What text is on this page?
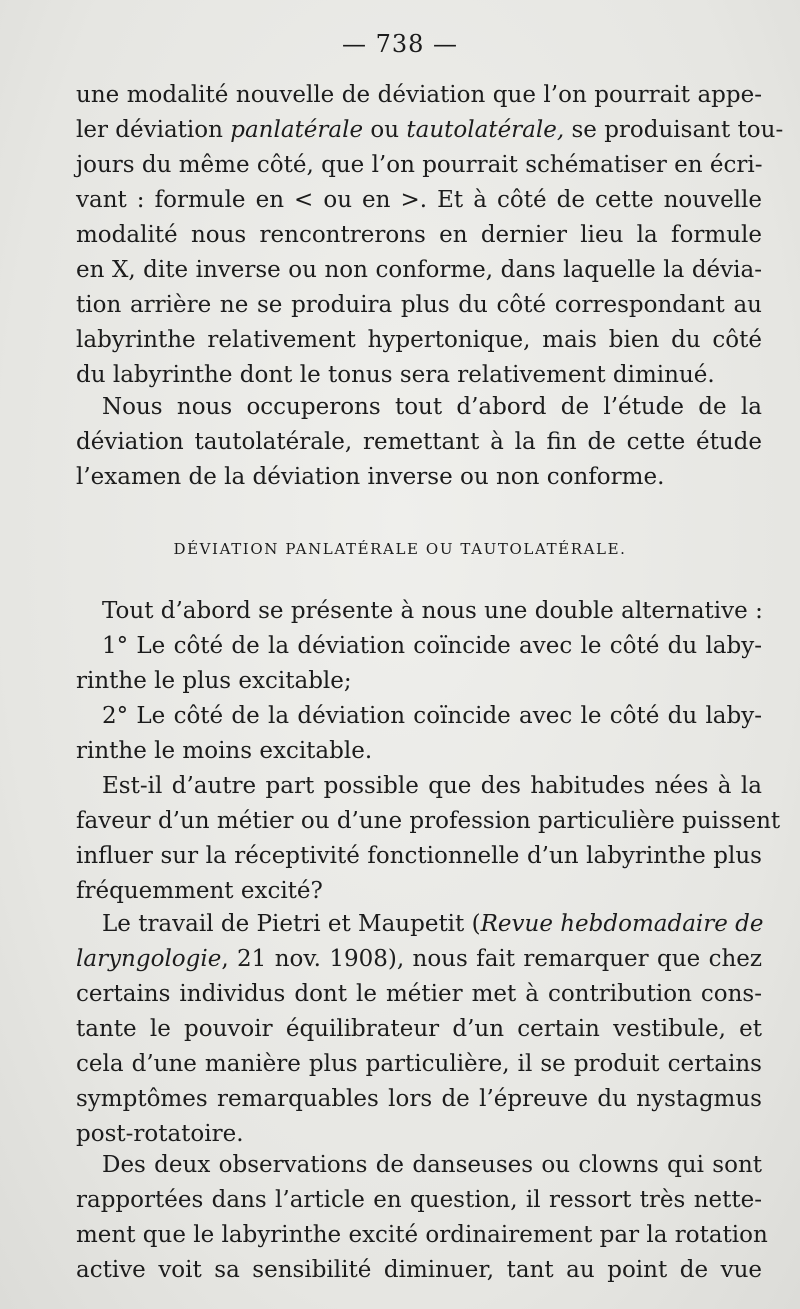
— 738 —
une modalité nouvelle de déviation que l’on pourrait appe-
ler déviation panlatérale ou tautolatérale, se produisant tou-
jours du même côté, que l’on pourrait schématiser en écri-
vant : formule en < ou en >. Et à côté de cette nouvelle
modalité nous rencontrerons en dernier lieu la formule
en X, dite inverse ou non conforme, dans laquelle la dévia-
tion arrière ne se produira plus du côté correspondant au
labyrinthe relativement hypertonique, mais bien du côté
du labyrinthe dont le tonus sera relativement diminué.
Nous nous occuperons tout d’abord de l’étude de la
déviation tautolatérale, remettant à la fin de cette étude
l’examen de la déviation inverse ou non conforme.
DÉVIATION PANLATÉRALE OU TAUTOLATÉRALE.
Tout d’abord se présente à nous une double alternative :
1° Le côté de la déviation coïncide avec le côté du laby-
rinthe le plus excitable;
2° Le côté de la déviation coïncide avec le côté du laby-
rinthe le moins excitable.
Est-il d’autre part possible que des habitudes nées à la
faveur d’un métier ou d’une profession particulière puissent
influer sur la réceptivité fonctionnelle d’un labyrinthe plus
fréquemment excité?
Le travail de Pietri et Maupetit (Revue hebdomadaire de
laryngologie, 21 nov. 1908), nous fait remarquer que chez
certains individus dont le métier met à contribution cons-
tante le pouvoir équilibrateur d’un certain vestibule, et
cela d’une manière plus particulière, il se produit certains
symptômes remarquables lors de l’épreuve du nystagmus
post-rotatoire.
Des deux observations de danseuses ou clowns qui sont
rapportées dans l’article en question, il ressort très nette-
ment que le labyrinthe excité ordinairement par la rotation
active voit sa sensibilité diminuer, tant au point de vue
